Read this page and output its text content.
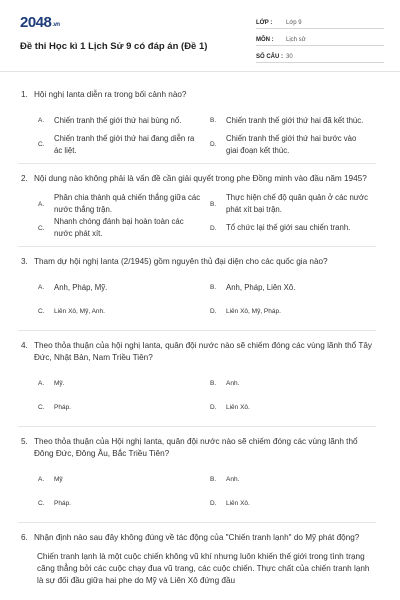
2048 .vn
Đề thi Học kì 1 Lịch Sử 9 có đáp án (Đề 1)
LỚP :	Lớp 9
MÔN :	Lịch sử
SỐ CÂU : 30
1. Hội nghị Ianta diễn ra trong bối cảnh nào?
A.	Chiến tranh thế giới thứ hai bùng nổ.	B.	Chiến tranh thế giới thứ hai đã kết thúc.
C.
Chiến tranh thế giới thứ hai đang diễn ra ác liệt.
D.
Chiến tranh thế giới thứ hai bước vào giai đoạn kết thúc.
2. Nội dung nào không phải là vấn đề cần giải quyết trong phe Đồng minh vào đầu năm 1945?
A.
Phân chia thành quả chiến thắng giữa các nước thắng trận.
B.
Thực hiện chế độ quân quản ở các nước phát xít bại trận.
C.
Nhanh chóng đánh bại hoàn toàn các nước phát xít.
D.	Tổ chức lại thế giới sau chiến tranh.
3. Tham dự hội nghị Ianta (2/1945) gồm nguyên thủ đại diện cho các quốc gia nào?
A.	Anh, Pháp, Mỹ.	B.	Anh, Pháp, Liên Xô.
C.	Liên Xô, Mỹ, Anh.	D.	Liên Xô, Mỹ, Pháp.
4. Theo thỏa thuận của hội nghị Ianta, quân đội nước nào sẽ chiếm đóng các vùng lãnh thổ Tây Đức, Nhật Bản, Nam Triều Tiên?
A.	Mỹ.	B.	Anh.
C.	Pháp.	D.	Liên Xô.
5. Theo thỏa thuận của Hội nghị Ianta, quân đội nước nào sẽ chiếm đóng các vùng lãnh thổ Đông Đức, Đông Âu, Bắc Triều Tiên?
A.	Mỹ	B.	Anh.
C.	Pháp.	D.	Liên Xô.
6. Nhận định nào sau đây không đúng về tác động của "Chiến tranh lạnh" do Mỹ phát động?
Chiến tranh lạnh là một cuộc chiến không vũ khí nhưng luôn khiến thế giới trong tình trạng căng thẳng bởi các cuộc chạy đua vũ trang, các cuộc chiến. Thực chất của chiến tranh lạnh là sự đối đầu giữa hai phe do Mỹ và Liên Xô đứng đầu
